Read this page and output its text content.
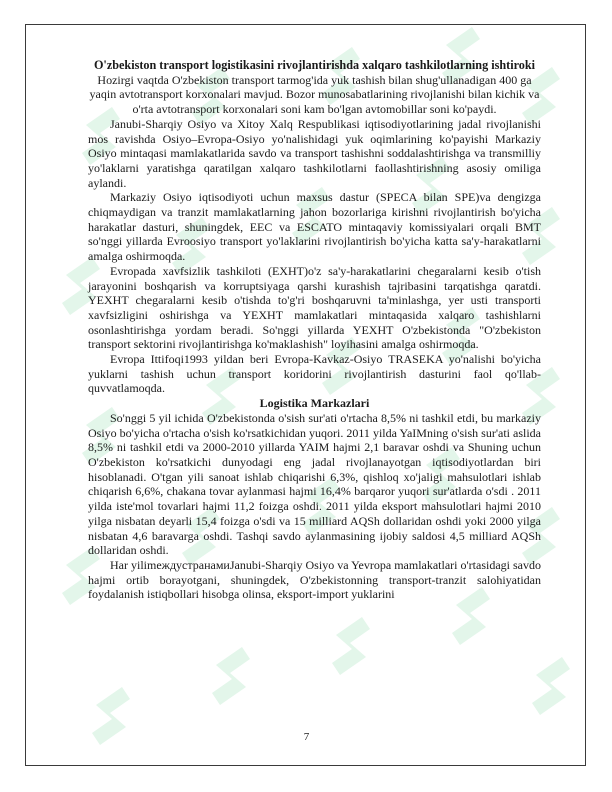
O'zbekiston transport logistikasini rivojlantirishda xalqaro tashkilotlarning ishtiroki

Hozirgi vaqtda O'zbekiston transport tarmog'ida yuk tashish bilan shug'ullanadigan 400 ga yaqin avtotransport korxonalari mavjud. Bozor munosabatlarining rivojlanishi bilan kichik va o'rta avtotransport korxonalari soni kam bo'lgan avtomobillar soni ko'paydi.

Janubi-Sharqiy Osiyo va Xitoy Xalq Respublikasi iqtisodiyotlarining jadal rivojlanishi mos ravishda Osiyo–Evropa-Osiyo yo'nalishidagi yuk oqimlarining ko'payishi Markaziy Osiyo mintaqasi mamlakatlarida savdo va transport tashishni soddalashtirishga va transmilliy yo'laklarni yaratishga qaratilgan xalqaro tashkilotlarni faollashtirishning asosiy omiliga aylandi.

Markaziy Osiyo iqtisodiyoti uchun maxsus dastur (SPECA bilan SPE)va dengizga chiqmaydigan va tranzit mamlakatlarning jahon bozorlariga kirishni rivojlantirish bo'yicha harakatlar dasturi, shuningdek, EEC va ESCATO mintaqaviy komissiyalari orqali BMT so'nggi yillarda Evroosiyo transport yo'laklarini rivojlantirish bo'yicha katta sa'y-harakatlarni amalga oshirmoqda.

Evropada xavfsizlik tashkiloti (EXHT)o'z sa'y-harakatlarini chegaralarni kesib o'tish jarayonini boshqarish va korruptsiyaga qarshi kurashish tajribasini tarqatishga qaratdi. YEXHT chegaralarni kesib o'tishda to'g'ri boshqaruvni ta'minlashga, yer usti transporti xavfsizligini oshirishga va YEXHT mamlakatlari mintaqasida xalqaro tashishlarni osonlashtirishga yordam beradi. So'nggi yillarda YEXHT O'zbekistonda "O'zbekiston transport sektorini rivojlantirishga ko'maklashish" loyihasini amalga oshirmoqda.

Evropa Ittifoqi1993 yildan beri Evropa-Kavkaz-Osiyo TRASEKA yo'nalishi bo'yicha yuklarni tashish uchun transport koridorini rivojlantirish dasturini faol qo'llab-quvvatlamoqda.

Logistika Markazlari

So'nggi 5 yil ichida O'zbekistonda o'sish sur'ati o'rtacha 8,5% ni tashkil etdi, bu markaziy Osiyo bo'yicha o'rtacha o'sish ko'rsatkichidan yuqori. 2011 yilda YaIMning o'sish sur'ati aslida 8,5% ni tashkil etdi va 2000-2010 yillarda YAIM hajmi 2,1 baravar oshdi va Shuning uchun O'zbekiston ko'rsatkichi dunyodagi eng jadal rivojlanayotgan iqtisodiyotlardan biri hisoblanadi. O'tgan yili sanoat ishlab chiqarishi 6,3%, qishloq xo'jaligi mahsulotlari ishlab chiqarish 6,6%, chakana tovar aylanmasi hajmi 16,4% barqaror yuqori sur'atlarda o'sdi . 2011 yilda iste'mol tovarlari hajmi 11,2 foizga oshdi. 2011 yilda eksport mahsulotlari hajmi 2010 yilga nisbatan deyarli 15,4 foizga o'sdi va 15 milliard AQSh dollaridan oshdi yoki 2000 yilga nisbatan 4,6 baravarga oshdi. Tashqi savdo aylanmasining ijobiy saldosi 4,5 milliard AQSh dollaridan oshdi.

Har yilimeждустранамиJanubi-Sharqiy Osiyo va Yevropa mamlakatlari o'rtasidagi savdo hajmi ortib borayotgani, shuningdek, O'zbekistonning transport-tranzit salohiyatidan foydalanish istiqbollari hisobga olinsa, eksport-import yuklarini

7
